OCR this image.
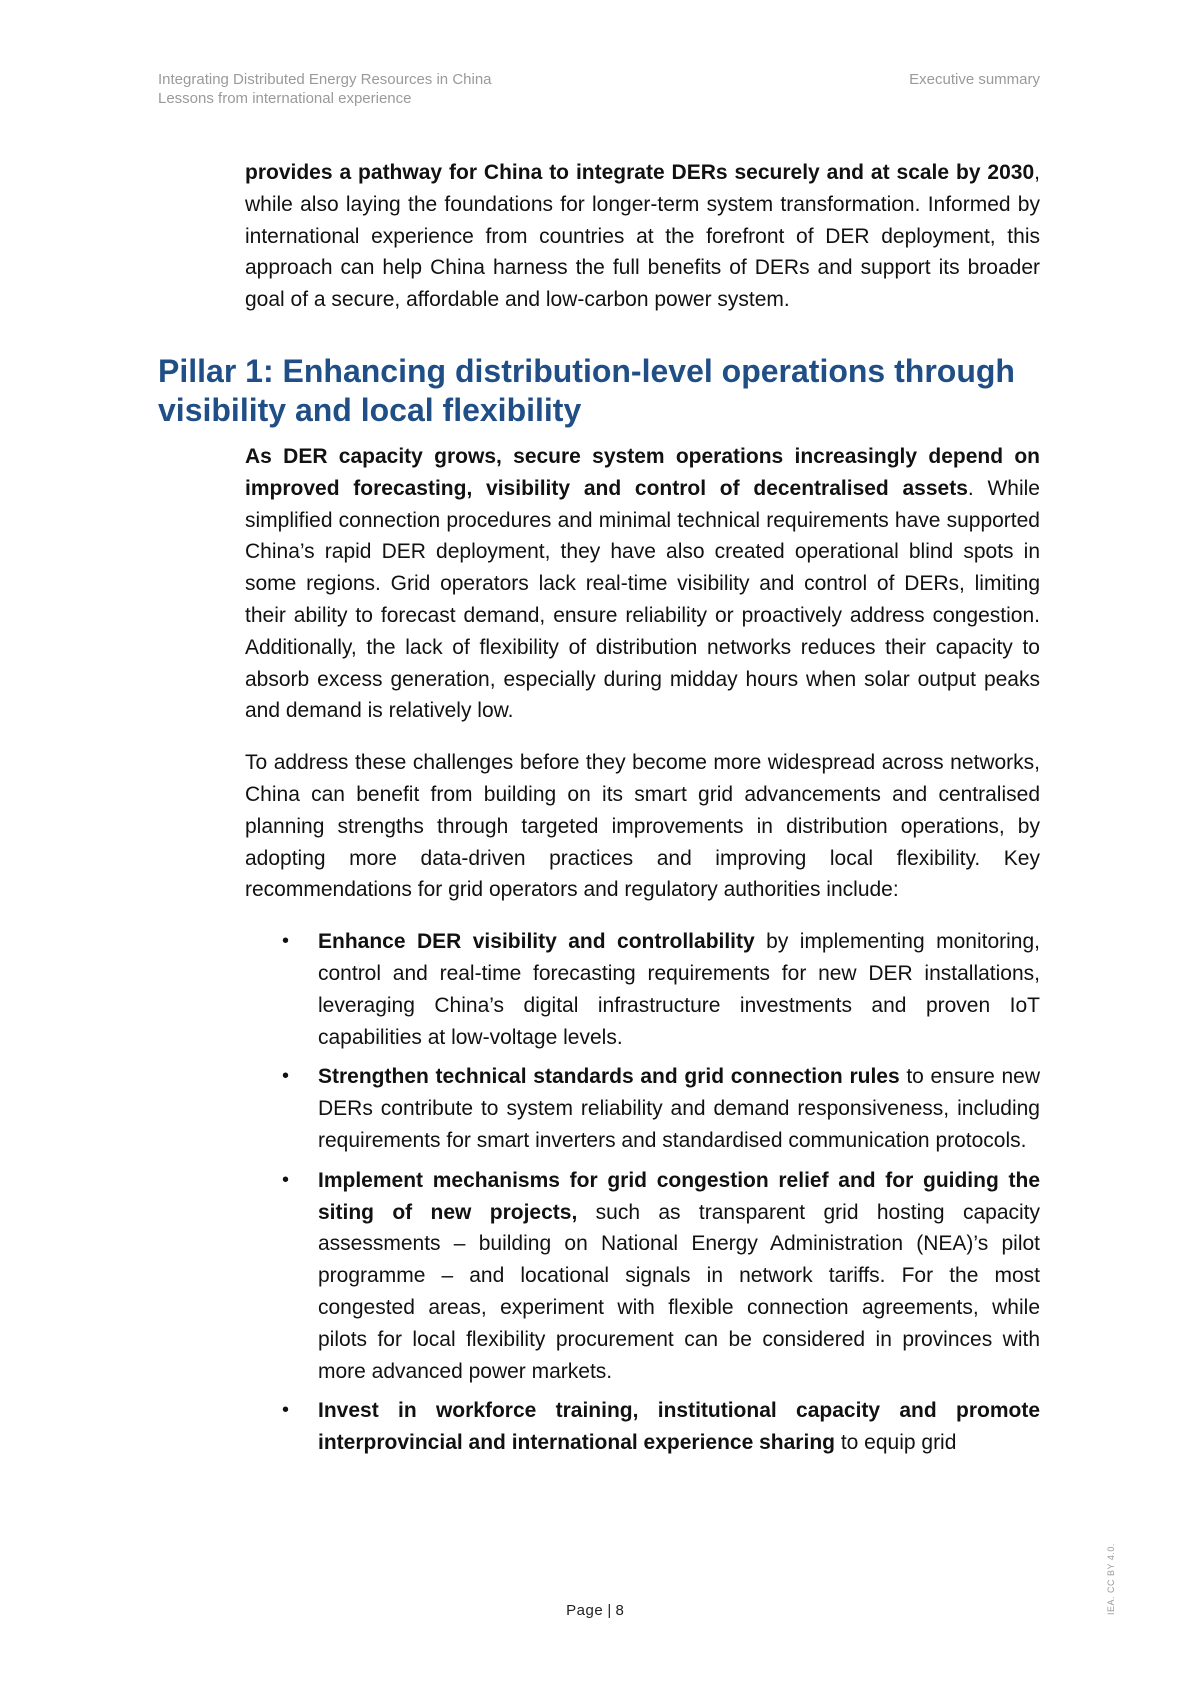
Integrating Distributed Energy Resources in China
Lessons from international experience
Executive summary

provides a pathway for China to integrate DERs securely and at scale by 2030, while also laying the foundations for longer-term system transformation. Informed by international experience from countries at the forefront of DER deployment, this approach can help China harness the full benefits of DERs and support its broader goal of a secure, affordable and low-carbon power system.

Pillar 1: Enhancing distribution-level operations through visibility and local flexibility

As DER capacity grows, secure system operations increasingly depend on improved forecasting, visibility and control of decentralised assets. While simplified connection procedures and minimal technical requirements have supported China’s rapid DER deployment, they have also created operational blind spots in some regions. Grid operators lack real-time visibility and control of DERs, limiting their ability to forecast demand, ensure reliability or proactively address congestion. Additionally, the lack of flexibility of distribution networks reduces their capacity to absorb excess generation, especially during midday hours when solar output peaks and demand is relatively low.

To address these challenges before they become more widespread across networks, China can benefit from building on its smart grid advancements and centralised planning strengths through targeted improvements in distribution operations, by adopting more data-driven practices and improving local flexibility. Key recommendations for grid operators and regulatory authorities include:

• Enhance DER visibility and controllability by implementing monitoring, control and real-time forecasting requirements for new DER installations, leveraging China’s digital infrastructure investments and proven IoT capabilities at low-voltage levels.
• Strengthen technical standards and grid connection rules to ensure new DERs contribute to system reliability and demand responsiveness, including requirements for smart inverters and standardised communication protocols.
• Implement mechanisms for grid congestion relief and for guiding the siting of new projects, such as transparent grid hosting capacity assessments – building on National Energy Administration (NEA)’s pilot programme – and locational signals in network tariffs. For the most congested areas, experiment with flexible connection agreements, while pilots for local flexibility procurement can be considered in provinces with more advanced power markets.
• Invest in workforce training, institutional capacity and promote interprovincial and international experience sharing to equip grid
Page | 8	IEA. CC BY 4.0.
